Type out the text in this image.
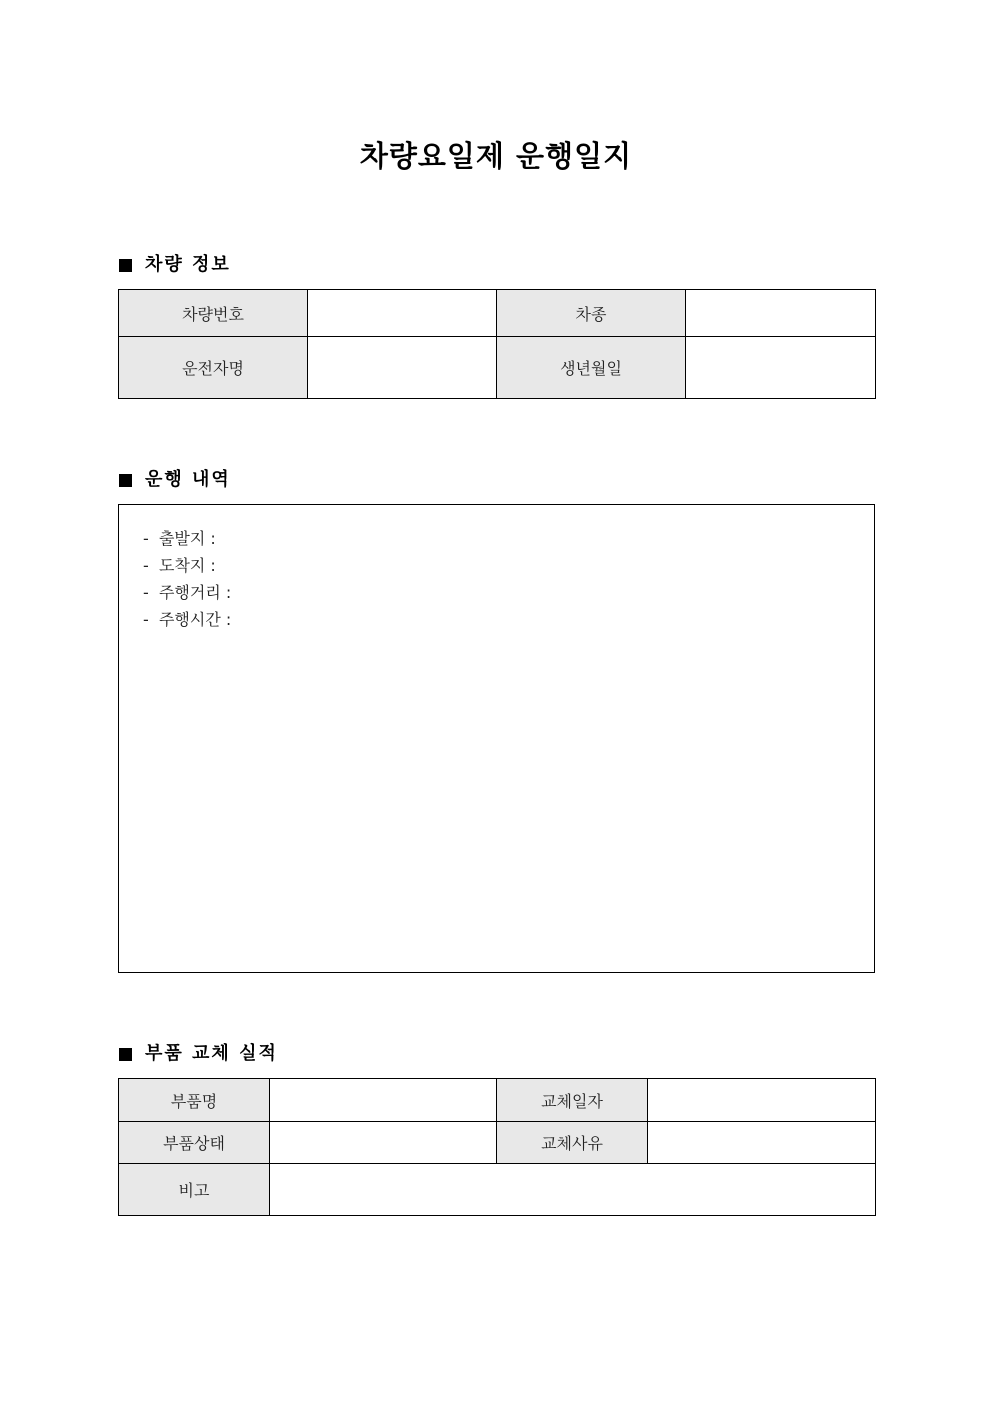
차량요일제 운행일지
차량 정보
차량번호		차종	
운전자명		생년월일	
운행 내역
-  출발지 :
-  도착지 :
-  주행거리 :
-  주행시간 :
부품 교체 실적
부품명		교체일자	
부품상태		교체사유	
비고			
